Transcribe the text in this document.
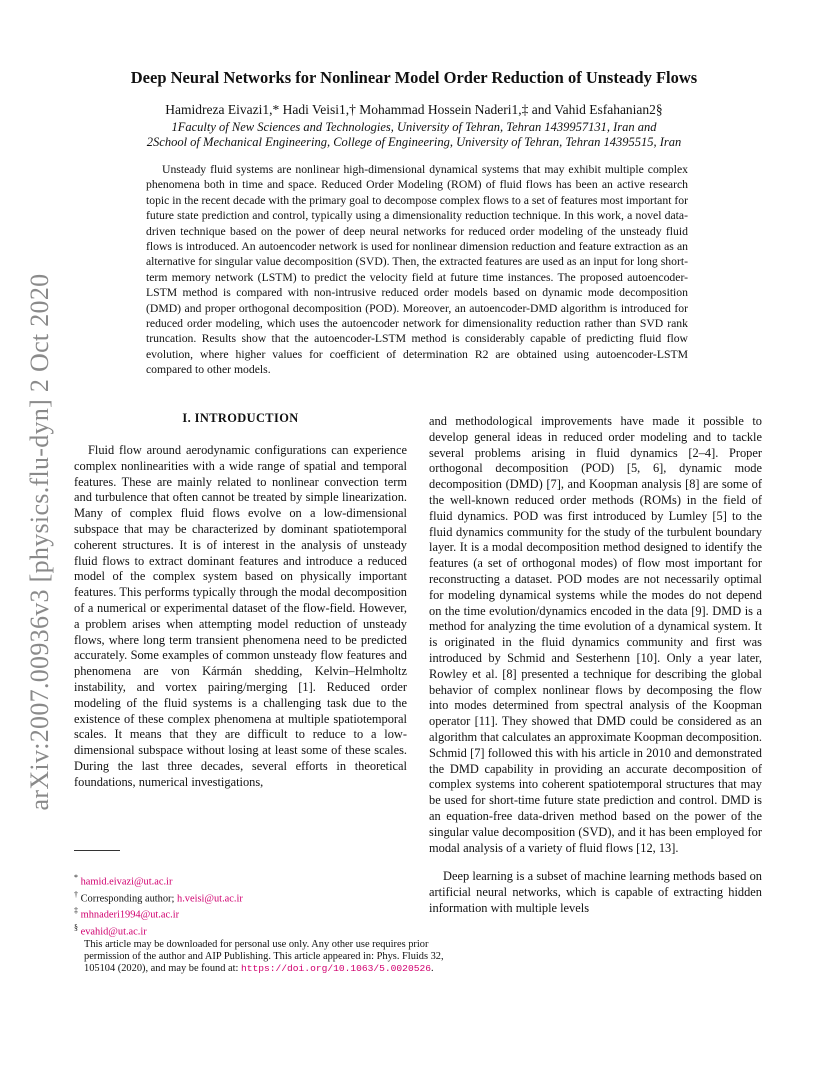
arXiv:2007.00936v3 [physics.flu-dyn] 2 Oct 2020
Deep Neural Networks for Nonlinear Model Order Reduction of Unsteady Flows
Hamidreza Eivazi1,* Hadi Veisi1,† Mohammad Hossein Naderi1,‡ and Vahid Esfahanian2§
1Faculty of New Sciences and Technologies, University of Tehran, Tehran 1439957131, Iran and
2School of Mechanical Engineering, College of Engineering, University of Tehran, Tehran 14395515, Iran

Unsteady fluid systems are nonlinear high-dimensional dynamical systems that may exhibit multiple complex phenomena both in time and space. Reduced Order Modeling (ROM) of fluid flows has been an active research topic in the recent decade with the primary goal to decompose complex flows to a set of features most important for future state prediction and control, typically using a dimensionality reduction technique. In this work, a novel data-driven technique based on the power of deep neural networks for reduced order modeling of the unsteady fluid flows is introduced. An autoencoder network is used for nonlinear dimension reduction and feature extraction as an alternative for singular value decomposition (SVD). Then, the extracted features are used as an input for long short-term memory network (LSTM) to predict the velocity field at future time instances. The proposed autoencoder-LSTM method is compared with non-intrusive reduced order models based on dynamic mode decomposition (DMD) and proper orthogonal decomposition (POD). Moreover, an autoencoder-DMD algorithm is introduced for reduced order modeling, which uses the autoencoder network for dimensionality reduction rather than SVD rank truncation. Results show that the autoencoder-LSTM method is considerably capable of predicting fluid flow evolution, where higher values for coefficient of determination R2 are obtained using autoencoder-LSTM compared to other models.

I. INTRODUCTION

Fluid flow around aerodynamic configurations can experience complex nonlinearities with a wide range of spatial and temporal features. These are mainly related to nonlinear convection term and turbulence that often cannot be treated by simple linearization. Many of complex fluid flows evolve on a low-dimensional subspace that may be characterized by dominant spatiotemporal coherent structures. It is of interest in the analysis of unsteady fluid flows to extract dominant features and introduce a reduced model of the complex system based on physically important features. This performs typically through the modal decomposition of a numerical or experimental dataset of the flow-field. However, a problem arises when attempting model reduction of unsteady flows, where long term transient phenomena need to be predicted accurately. Some examples of common unsteady flow features and phenomena are von Kármán shedding, Kelvin–Helmholtz instability, and vortex pairing/merging [1]. Reduced order modeling of the fluid systems is a challenging task due to the existence of these complex phenomena at multiple spatiotemporal scales. It means that they are difficult to reduce to a low-dimensional subspace without losing at least some of these scales. During the last three decades, several efforts in theoretical foundations, numerical investigations,

and methodological improvements have made it possible to develop general ideas in reduced order modeling and to tackle several problems arising in fluid dynamics [2–4]. Proper orthogonal decomposition (POD) [5, 6], dynamic mode decomposition (DMD) [7], and Koopman analysis [8] are some of the well-known reduced order methods (ROMs) in the field of fluid dynamics. POD was first introduced by Lumley [5] to the fluid dynamics community for the study of the turbulent boundary layer. It is a modal decomposition method designed to identify the features (a set of orthogonal modes) of flow most important for reconstructing a dataset. POD modes are not necessarily optimal for modeling dynamical systems while the modes do not depend on the time evolution/dynamics encoded in the data [9]. DMD is a method for analyzing the time evolution of a dynamical system. It is originated in the fluid dynamics community and first was introduced by Schmid and Sesterhenn [10]. Only a year later, Rowley et al. [8] presented a technique for describing the global behavior of complex nonlinear flows by decomposing the flow into modes determined from spectral analysis of the Koopman operator [11]. They showed that DMD could be considered as an algorithm that calculates an approximate Koopman decomposition. Schmid [7] followed this with his article in 2010 and demonstrated the DMD capability in providing an accurate decomposition of complex systems into coherent spatiotemporal structures that may be used for short-time future state prediction and control. DMD is an equation-free data-driven method based on the power of the singular value decomposition (SVD), and it has been employed for modal analysis of a variety of fluid flows [12, 13].

Deep learning is a subset of machine learning methods based on artificial neural networks, which is capable of extracting hidden information with multiple levels

* hamid.eivazi@ut.ac.ir
† Corresponding author; h.veisi@ut.ac.ir
‡ mhnaderi1994@ut.ac.ir
§ evahid@ut.ac.ir
This article may be downloaded for personal use only. Any other use requires prior permission of the author and AIP Publishing. This article appeared in: Phys. Fluids 32, 105104 (2020), and may be found at: https://doi.org/10.1063/5.0020526.
